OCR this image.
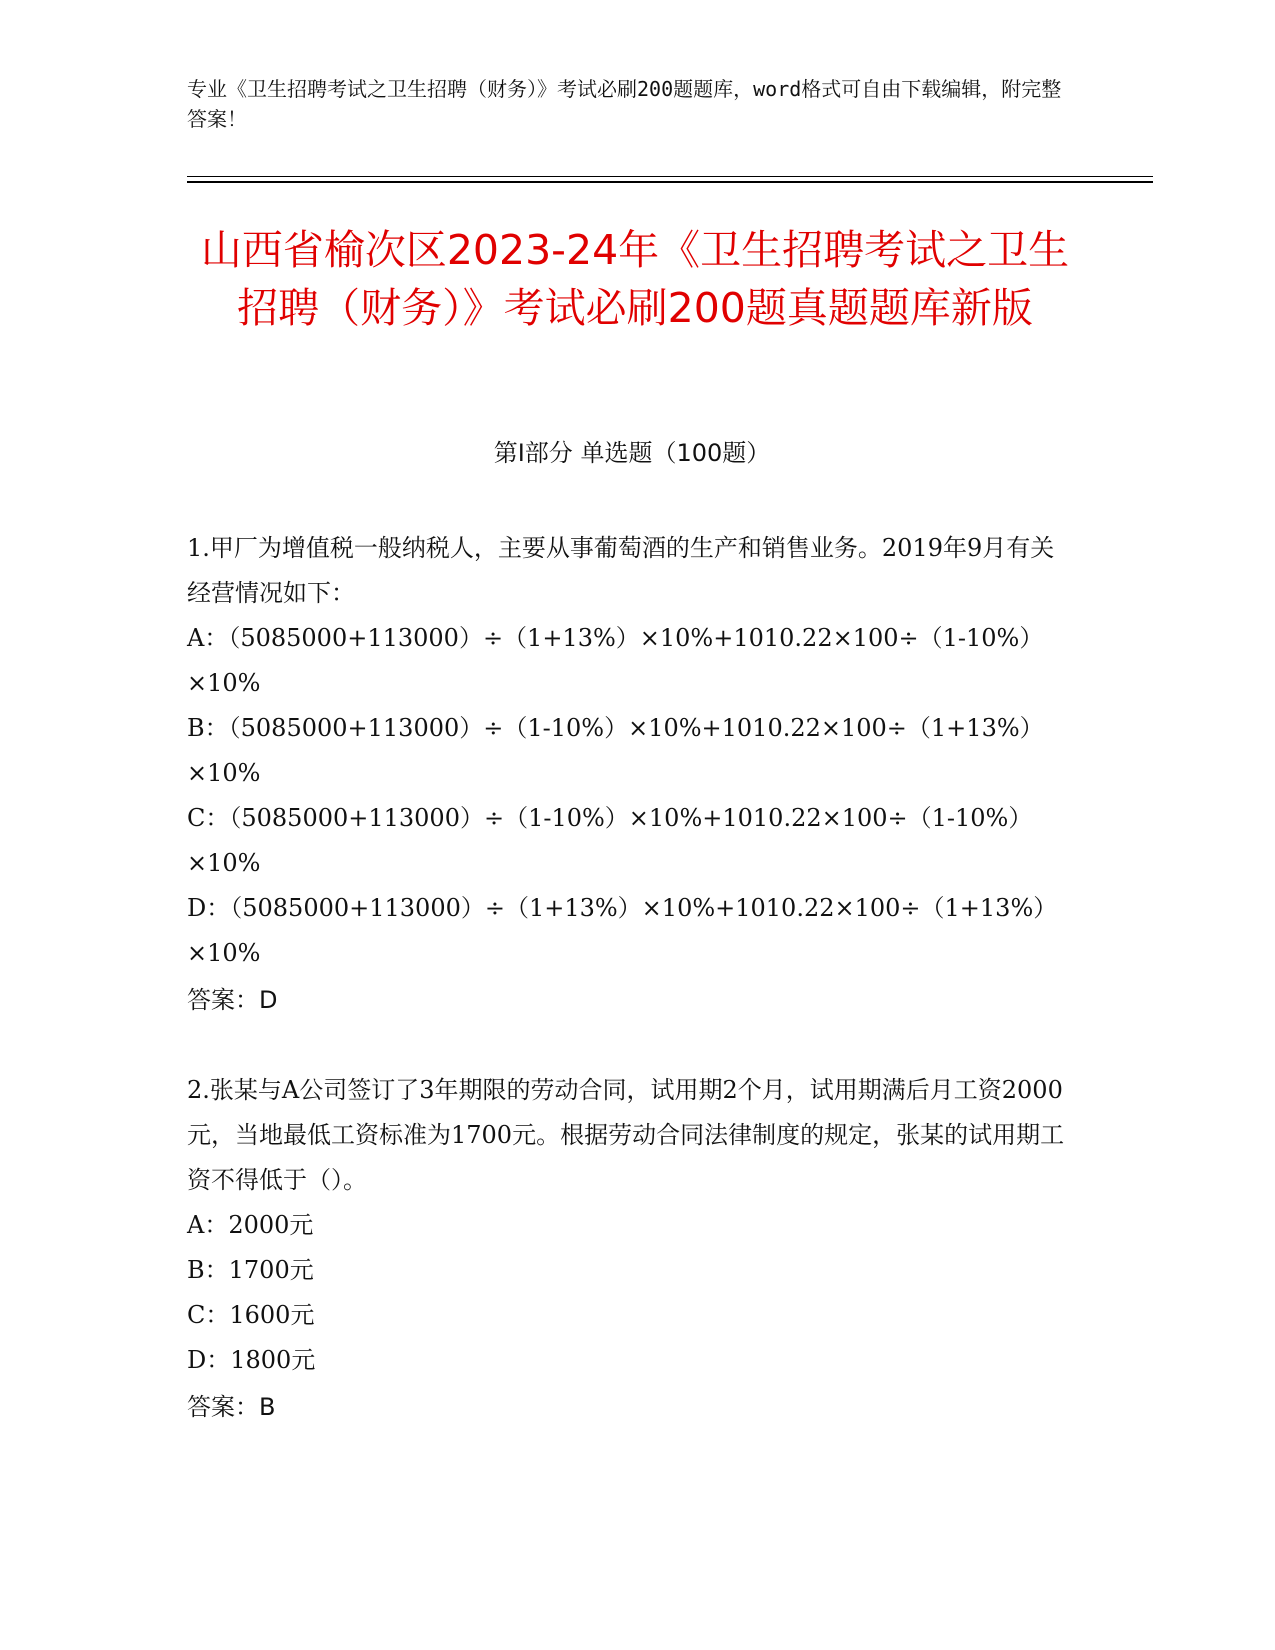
专业《卫生招聘考试之卫生招聘（财务）》考试必刷200题题库，word格式可自由下载编辑，附完整答案！
山西省榆次区2023-24年《卫生招聘考试之卫生招聘（财务）》考试必刷200题真题题库新版
第I部分 单选题（100题）
1.甲厂为增值税一般纳税人，主要从事葡萄酒的生产和销售业务。2019年9月有关经营情况如下：
A：（5085000+113000）÷（1+13%）×10%+1010.22×100÷（1-10%）×10%
B：（5085000+113000）÷（1-10%）×10%+1010.22×100÷（1+13%）×10%
C：（5085000+113000）÷（1-10%）×10%+1010.22×100÷（1-10%）×10%
D：（5085000+113000）÷（1+13%）×10%+1010.22×100÷（1+13%）×10%
答案：D
2.张某与A公司签订了3年期限的劳动合同，试用期2个月，试用期满后月工资2000元，当地最低工资标准为1700元。根据劳动合同法律制度的规定，张某的试用期工资不得低于（）。
A：2000元
B：1700元
C：1600元
D：1800元
答案：B
